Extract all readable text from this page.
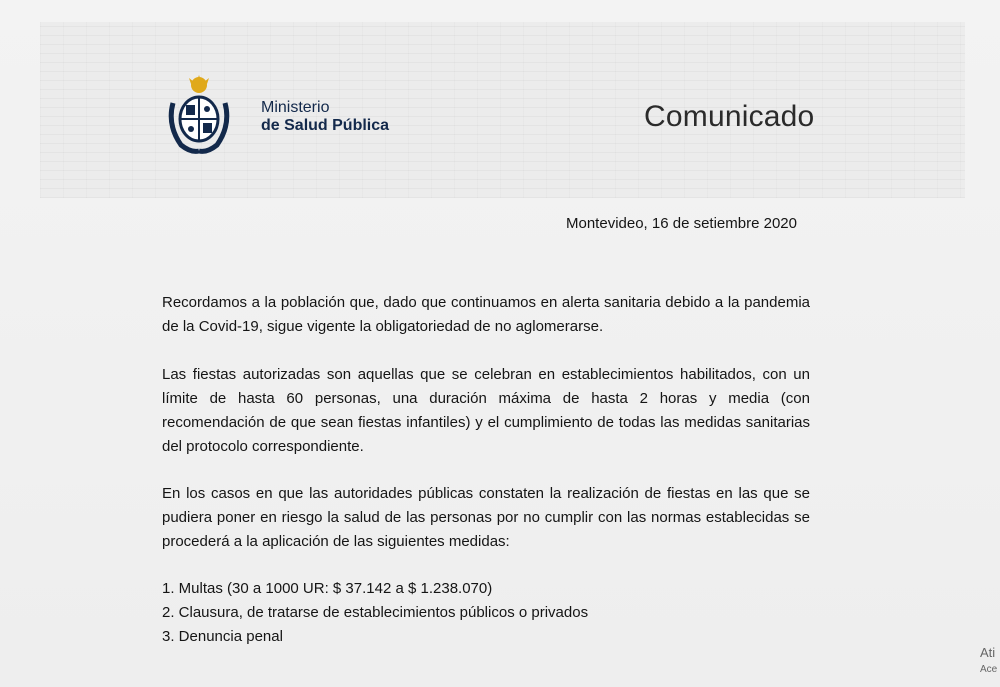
Ministerio
de Salud Pública	Comunicado
Montevideo, 16 de setiembre 2020

Recordamos a la población que, dado que continuamos en alerta sanitaria debido a la pandemia de la Covid-19, sigue vigente la obligatoriedad de no aglomerarse.

Las fiestas autorizadas son aquellas que se celebran en establecimientos habilitados, con un límite de hasta 60 personas, una duración máxima de hasta 2 horas y media (con recomendación de que sean fiestas infantiles) y el cumplimiento de todas las medidas sanitarias del protocolo correspondiente.

En los casos en que las autoridades públicas constaten la realización de fiestas en las que se pudiera poner en riesgo la salud de las personas por no cumplir con las normas establecidas se procederá a la aplicación de las siguientes medidas:

1. Multas (30 a 1000 UR: $ 37.142 a $ 1.238.070)
2. Clausura, de tratarse de establecimientos públicos o privados
3. Denuncia penal
Ati
Ace
